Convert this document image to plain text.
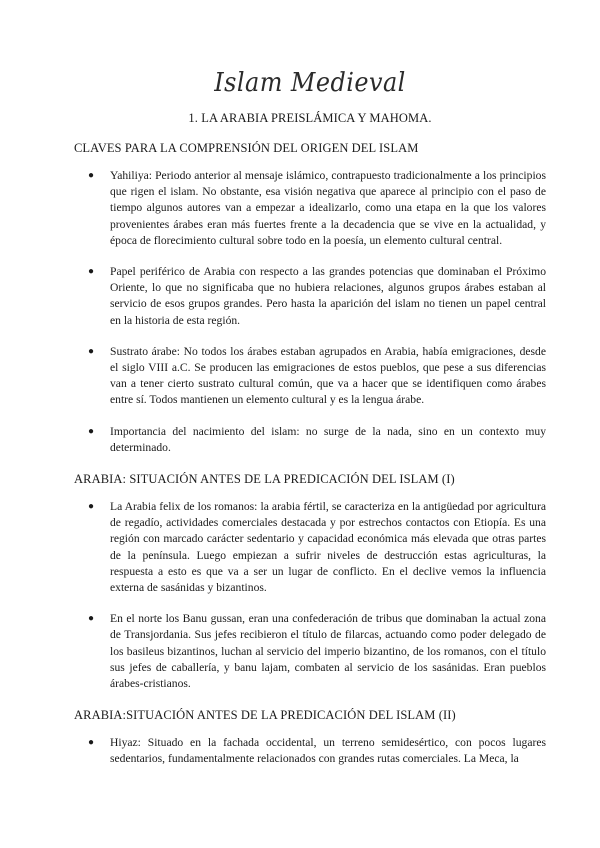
Islam Medieval
1. LA ARABIA PREISLÁMICA Y MAHOMA.
CLAVES PARA LA COMPRENSIÓN DEL ORIGEN DEL ISLAM
● Yahiliya: Periodo anterior al mensaje islámico, contrapuesto tradicionalmente a los principios que rigen el islam. No obstante, esa visión negativa que aparece al principio con el paso de tiempo algunos autores van a empezar a idealizarlo, como una etapa en la que los valores provenientes árabes eran más fuertes frente a la decadencia que se vive en la actualidad, y época de florecimiento cultural sobre todo en la poesía, un elemento cultural central.
● Papel periférico de Arabia con respecto a las grandes potencias que dominaban el Próximo Oriente, lo que no significaba que no hubiera relaciones, algunos grupos árabes estaban al servicio de esos grupos grandes. Pero hasta la aparición del islam no tienen un papel central en la historia de esta región.
● Sustrato árabe: No todos los árabes estaban agrupados en Arabia, había emigraciones, desde el siglo VIII a.C. Se producen las emigraciones de estos pueblos, que pese a sus diferencias van a tener cierto sustrato cultural común, que va a hacer que se identifiquen como árabes entre sí. Todos mantienen un elemento cultural y es la lengua árabe.
● Importancia del nacimiento del islam: no surge de la nada, sino en un contexto muy determinado.
ARABIA: SITUACIÓN ANTES DE LA PREDICACIÓN DEL ISLAM (I)
● La Arabia felix de los romanos: la arabia fértil, se caracteriza en la antigüedad por agricultura de regadío, actividades comerciales destacada y por estrechos contactos con Etiopía. Es una región con marcado carácter sedentario y capacidad económica más elevada que otras partes de la península. Luego empiezan a sufrir niveles de destrucción estas agriculturas, la respuesta a esto es que va a ser un lugar de conflicto. En el declive vemos la influencia externa de sasánidas y bizantinos.
● En el norte los Banu gussan, eran una confederación de tribus que dominaban la actual zona de Transjordania. Sus jefes recibieron el título de filarcas, actuando como poder delegado de los basileus bizantinos, luchan al servicio del imperio bizantino, de los romanos, con el título sus jefes de caballería, y banu lajam, combaten al servicio de los sasánidas. Eran pueblos árabes-cristianos.
ARABIA:SITUACIÓN ANTES DE LA PREDICACIÓN DEL ISLAM (II)
● Hiyaz: Situado en la fachada occidental, un terreno semidesértico, con pocos lugares sedentarios, fundamentalmente relacionados con grandes rutas comerciales. La Meca, la
